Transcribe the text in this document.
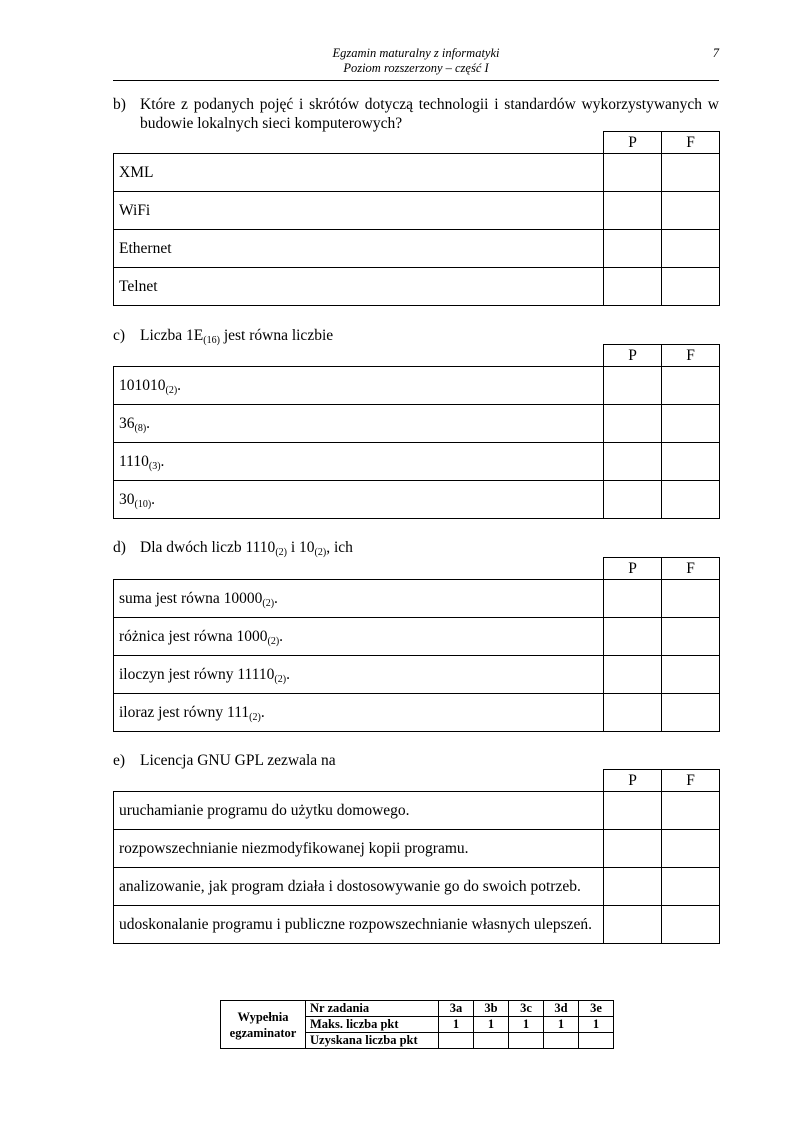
Egzamin maturalny z informatyki
Poziom rozszerzony – część I
7
b) Które z podanych pojęć i skrótów dotyczą technologii i standardów wykorzystywanych w budowie lokalnych sieci komputerowych?
	P	F
XML		
WiFi		
Ethernet		
Telnet		
c) Liczba $1E_{(16)}$ jest równa liczbie
	P	F
$101010_{(2)}$.		
$36_{(8)}$.		
$1110_{(3)}$.		
$30_{(10)}$.		
d) Dla dwóch liczb $1110_{(2)}$ i $10_{(2)}$, ich
	P	F
suma jest równa $10000_{(2)}$.		
różnica jest równa $1000_{(2)}$.		
iloczyn jest równy $11110_{(2)}$.		
iloraz jest równy $111_{(2)}$.		
e) Licencja GNU GPL zezwala na
	P	F
uruchamianie programu do użytku domowego.		
rozpowszechnianie niezmodyfikowanej kopii programu.		
analizowanie, jak program działa i dostosowywanie go do swoich potrzeb.		
udoskonalanie programu i publiczne rozpowszechnianie własnych ulepszeń.		
Wypełnia egzaminator	Nr zadania	3a	3b	3c	3d	3e
	Maks. liczba pkt	1	1	1	1	1
	Uzyskana liczba pkt					
